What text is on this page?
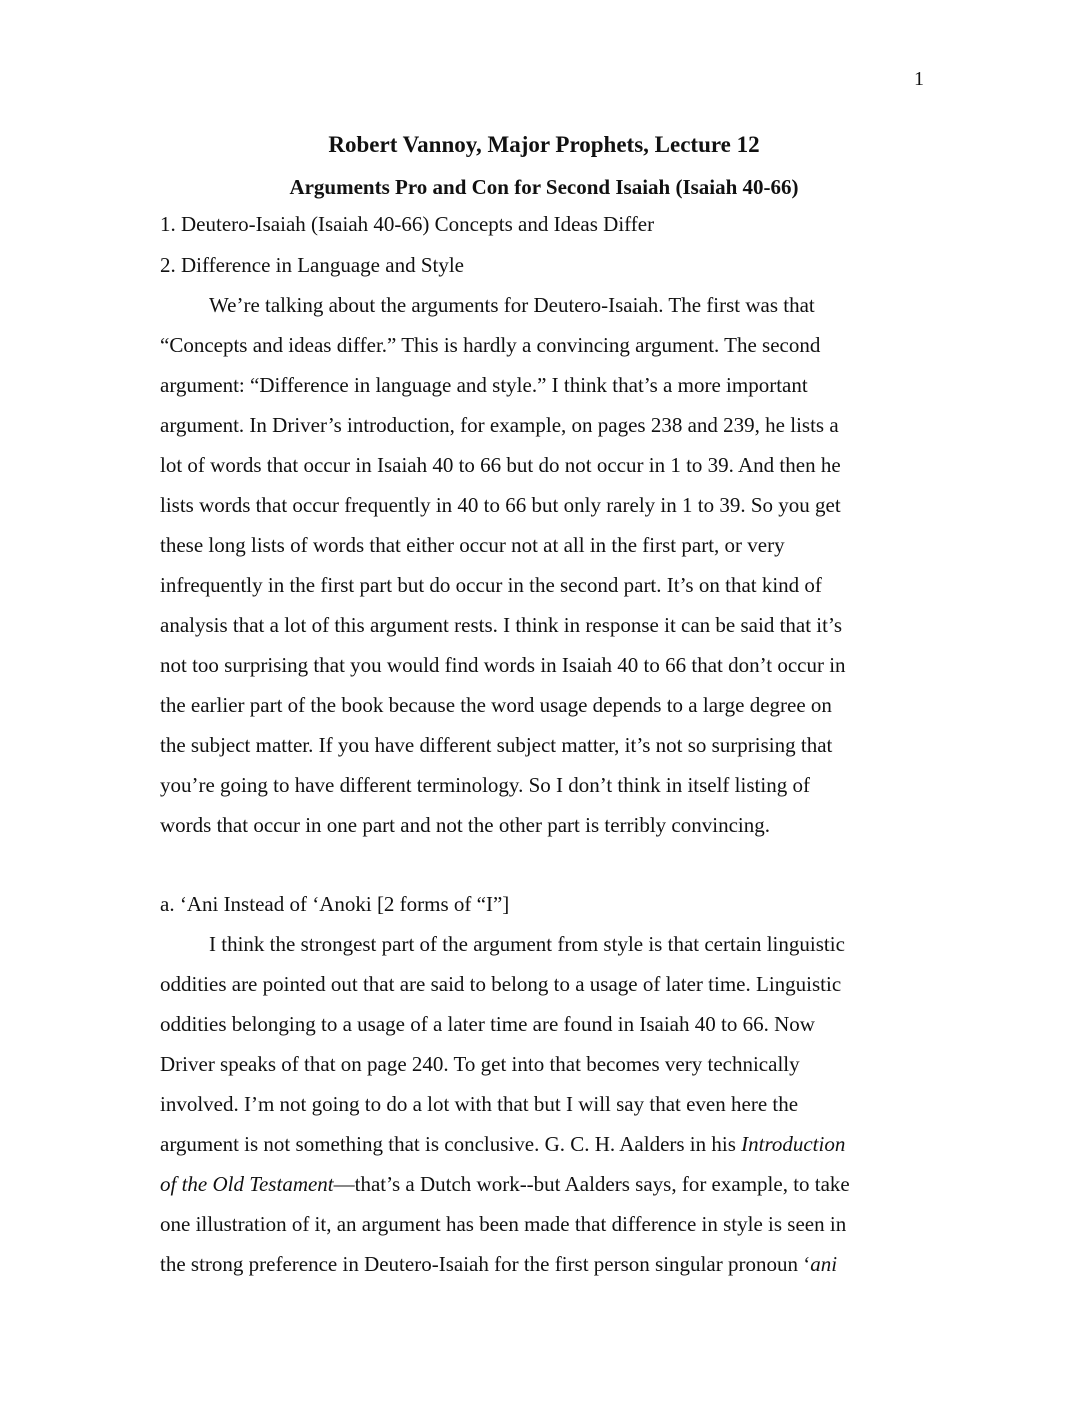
1
Robert Vannoy, Major Prophets, Lecture 12
Arguments Pro and Con for Second Isaiah (Isaiah 40-66)
1. Deutero-Isaiah (Isaiah 40-66) Concepts and Ideas Differ
2. Difference in Language and Style
We’re talking about the arguments for Deutero-Isaiah. The first was that
“Concepts and ideas differ.” This is hardly a convincing argument. The second
argument: “Difference in language and style.” I think that’s a more important
argument. In Driver’s introduction, for example, on pages 238 and 239, he lists a
lot of words that occur in Isaiah 40 to 66 but do not occur in 1 to 39. And then he
lists words that occur frequently in 40 to 66 but only rarely in 1 to 39. So you get
these long lists of words that either occur not at all in the first part, or very
infrequently in the first part but do occur in the second part. It’s on that kind of
analysis that a lot of this argument rests. I think in response it can be said that it’s
not too surprising that you would find words in Isaiah 40 to 66 that don’t occur in
the earlier part of the book because the word usage depends to a large degree on
the subject matter. If you have different subject matter, it’s not so surprising that
you’re going to have different terminology. So I don’t think in itself listing of
words that occur in one part and not the other part is terribly convincing.
a. ‘Ani Instead of ‘Anoki [2 forms of “I”]
I think the strongest part of the argument from style is that certain linguistic
oddities are pointed out that are said to belong to a usage of later time. Linguistic
oddities belonging to a usage of a later time are found in Isaiah 40 to 66. Now
Driver speaks of that on page 240. To get into that becomes very technically
involved. I’m not going to do a lot with that but I will say that even here the
argument is not something that is conclusive. G. C. H. Aalders in his Introduction
of the Old Testament—that’s a Dutch work--but Aalders says, for example, to take
one illustration of it, an argument has been made that difference in style is seen in
the strong preference in Deutero-Isaiah for the first person singular pronoun ‘ani
